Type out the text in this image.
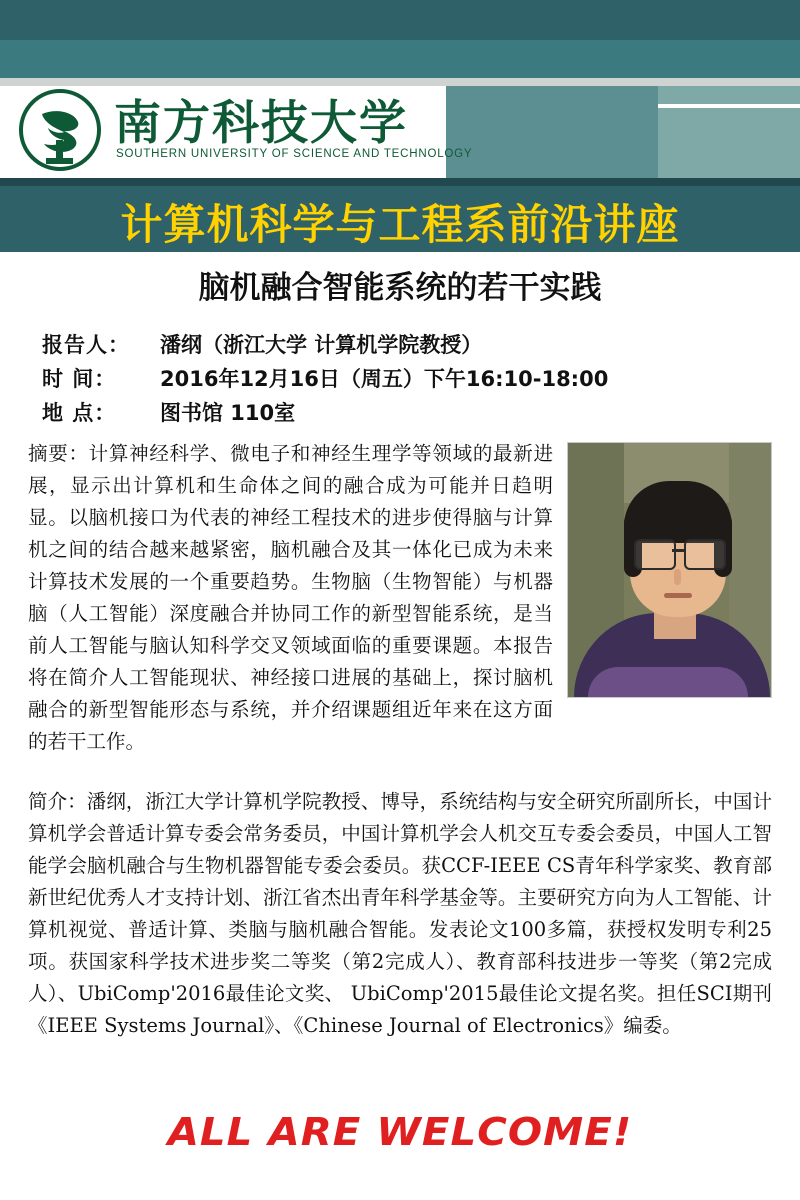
南方科技大学
SOUTHERN UNIVERSITY OF SCIENCE AND TECHNOLOGY
计算机科学与工程系前沿讲座
脑机融合智能系统的若干实践
报告人：	潘纲（浙江大学 计算机学院教授）
时 间：	2016年12月16日（周五）下午16:10-18:00
地 点：	图书馆 110室

摘要：计算神经科学、微电子和神经生理学等领域的最新进展，显示出计算机和生命体之间的融合成为可能并日趋明显。以脑机接口为代表的神经工程技术的进步使得脑与计算机之间的结合越来越紧密，脑机融合及其一体化已成为未来计算技术发展的一个重要趋势。生物脑（生物智能）与机器脑（人工智能）深度融合并协同工作的新型智能系统，是当前人工智能与脑认知科学交叉领域面临的重要课题。本报告将在简介人工智能现状、神经接口进展的基础上，探讨脑机融合的新型智能形态与系统，并介绍课题组近年来在这方面的若干工作。

简介：潘纲，浙江大学计算机学院教授、博导，系统结构与安全研究所副所长，中国计算机学会普适计算专委会常务委员，中国计算机学会人机交互专委会委员，中国人工智能学会脑机融合与生物机器智能专委会委员。获CCF-IEEE CS青年科学家奖、教育部新世纪优秀人才支持计划、浙江省杰出青年科学基金等。主要研究方向为人工智能、计算机视觉、普适计算、类脑与脑机融合智能。发表论文100多篇，获授权发明专利25项。获国家科学技术进步奖二等奖（第2完成人）、教育部科技进步一等奖（第2完成人）、UbiComp'2016最佳论文奖、 UbiComp'2015最佳论文提名奖。担任SCI期刊《IEEE Systems Journal》、《Chinese Journal of Electronics》编委。

ALL ARE WELCOME!
